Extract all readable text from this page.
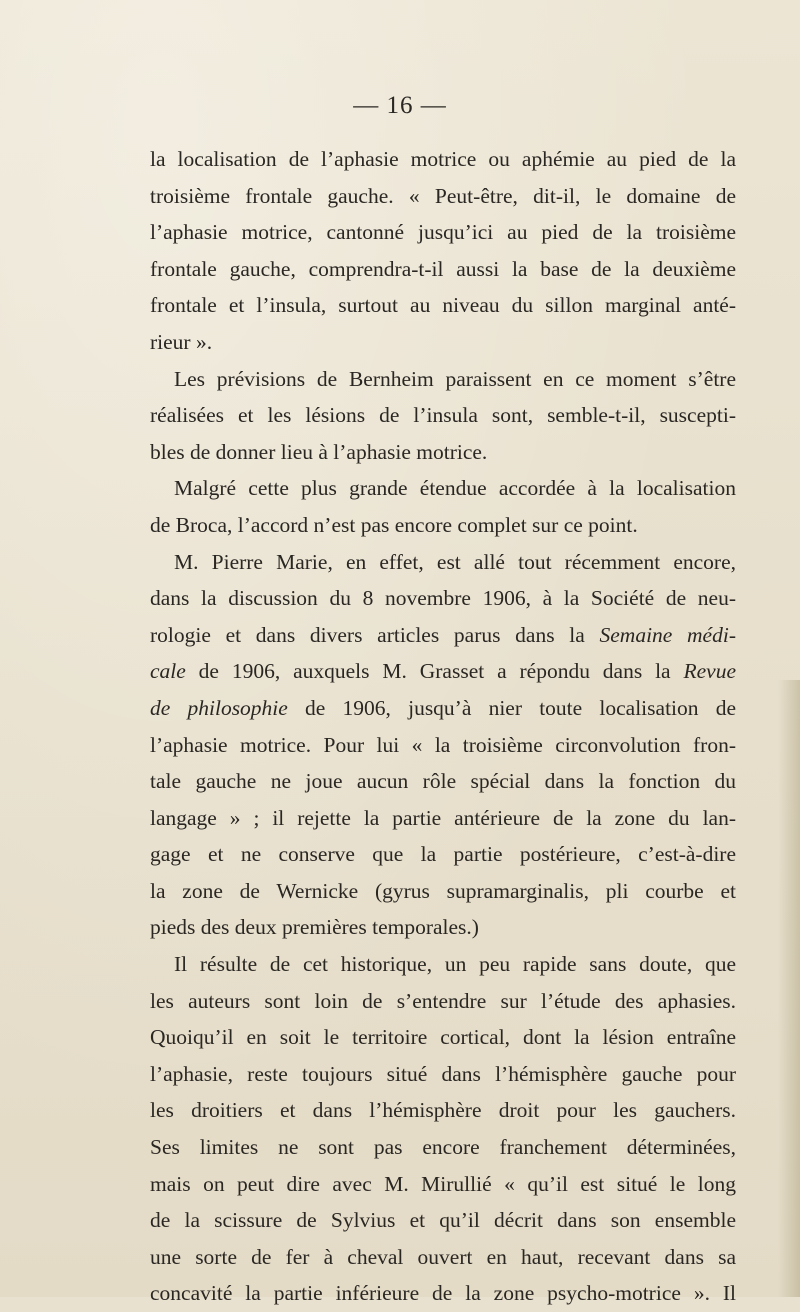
— 16 —
la localisation de l’aphasie motrice ou aphémie au pied de la
troisième frontale gauche. « Peut-être, dit-il, le domaine de
l’aphasie motrice, cantonné jusqu’ici au pied de la troisième
frontale gauche, comprendra-t-il aussi la base de la deuxième
frontale et l’insula, surtout au niveau du sillon marginal anté-
rieur ».
Les prévisions de Bernheim paraissent en ce moment s’être
réalisées et les lésions de l’insula sont, semble-t-il, suscepti-
bles de donner lieu à l’aphasie motrice.
Malgré cette plus grande étendue accordée à la localisation
de Broca, l’accord n’est pas encore complet sur ce point.
M. Pierre Marie, en effet, est allé tout récemment encore,
dans la discussion du 8 novembre 1906, à la Société de neu-
rologie et dans divers articles parus dans la Semaine médi-
cale de 1906, auxquels M. Grasset a répondu dans la Revue
de philosophie de 1906, jusqu’à nier toute localisation de
l’aphasie motrice. Pour lui « la troisième circonvolution fron-
tale gauche ne joue aucun rôle spécial dans la fonction du
langage » ; il rejette la partie antérieure de la zone du lan-
gage et ne conserve que la partie postérieure, c’est-à-dire
la zone de Wernicke (gyrus supramarginalis, pli courbe et
pieds des deux premières temporales.)
Il résulte de cet historique, un peu rapide sans doute, que
les auteurs sont loin de s’entendre sur l’étude des aphasies.
Quoiqu’il en soit le territoire cortical, dont la lésion entraîne
l’aphasie, reste toujours situé dans l’hémisphère gauche pour
les droitiers et dans l’hémisphère droit pour les gauchers.
Ses limites ne sont pas encore franchement déterminées,
mais on peut dire avec M. Mirullié « qu’il est situé le long
de la scissure de Sylvius et qu’il décrit dans son ensemble
une sorte de fer à cheval ouvert en haut, recevant dans sa
concavité la partie inférieure de la zone psycho-motrice ». Il
